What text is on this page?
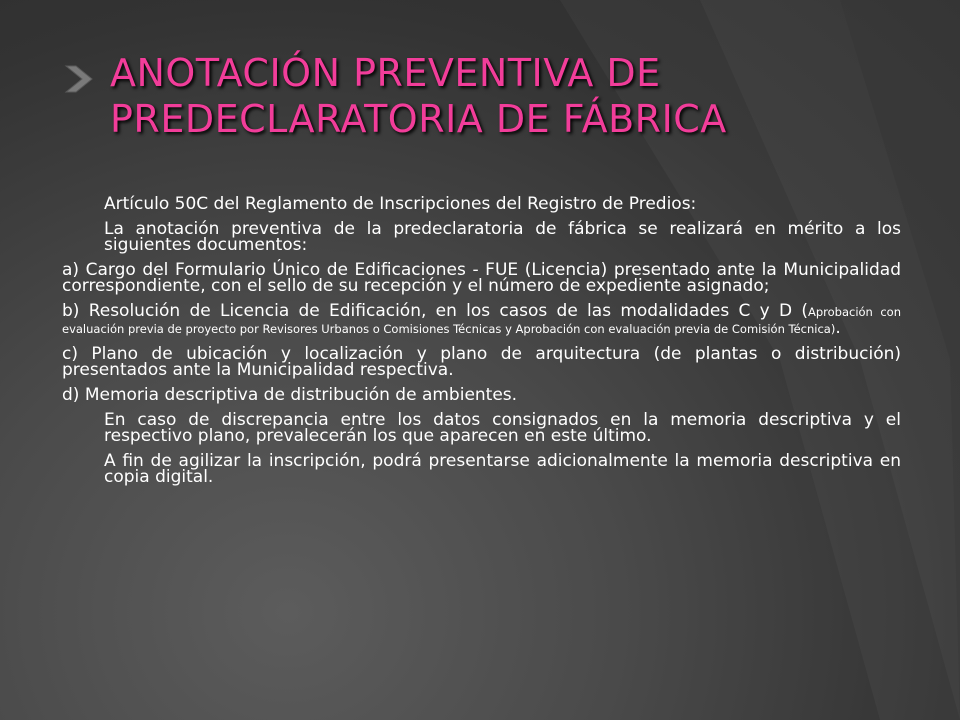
ANOTACIÓN PREVENTIVA DE
PREDECLARATORIA DE FÁBRICA

Artículo 50C del Reglamento de Inscripciones del Registro de Predios:

La anotación preventiva de la predeclaratoria de fábrica se realizará en mérito a los siguientes documentos:

a) Cargo del Formulario Único de Edificaciones - FUE (Licencia) presentado ante la Municipalidad correspondiente, con el sello de su recepción y el número de expediente asignado;

b) Resolución de Licencia de Edificación, en los casos de las modalidades C y D (Aprobación con evaluación previa de proyecto por Revisores Urbanos o Comisiones Técnicas y Aprobación con evaluación previa de Comisión Técnica).

c) Plano de ubicación y localización y plano de arquitectura (de plantas o distribución) presentados ante la Municipalidad respectiva.

d) Memoria descriptiva de distribución de ambientes.

En caso de discrepancia entre los datos consignados en la memoria descriptiva y el respectivo plano, prevalecerán los que aparecen en este último.

A fin de agilizar la inscripción, podrá presentarse adicionalmente la memoria descriptiva en copia digital.
